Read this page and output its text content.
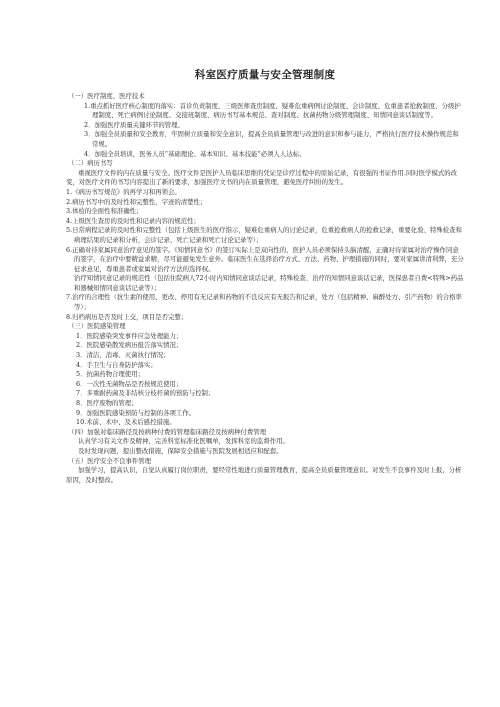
科室医疗质量与安全管理制度

（一）医疗制度、医疗技术

1.重点抓好医疗核心制度的落实：首诊负责制度、三级医师查房制度、疑难危重病例讨论制度、会诊制度、危重患者抢救制度、分级护理制度、死亡病例讨论制度、交接班制度、病历书写基本规范、查对制度、抗菌药物分级管理制度、知情同意谈话制度等。

2．加强医疗质量关键环节的管理。

3．加强全员质量和安全教育，牢固树立质量和安全意识，提高全员质量管理与改进的意识和参与能力，严格执行医疗技术操作规范和常规。

4．加强全员培训，医务人员“基础理论、基本知识、基本技能”必须人人达标。

（二）病历书写

重视医疗文件的内在质量与安全。医疗文件是医护人员临床思维的凭证是诊疗过程中的原始记录，有很强的书证作用.同时医学模式的改变，对医疗文件的书写内容提出了新的要求，加强医疗文书的内在质量管理，避免医疗纠纷的发生。

1.《病历书写规范》的再学习和再领会。

2.病历书写中的及时性和完整性，字迹的清楚性；

3.体检的全面性和准确性；

4.上级医生查房的及时性和记录内容的规范性；

5.日常病程记录的及时性和完整性（包括上级医生的医疗指示，疑难危重病人的讨论记录，危重抢救病人的抢救记录，重要化验、特殊检查和病理结果的记录和分析，会诊记录、死亡记录和死亡讨论记录等）；

6.正确对待家属同意治疗意见的签字。《知情同意书》的签订实际上是双向性的，医护人员必须保持头脑清醒，正确对待家属对治疗操作同意的签字，在治疗中要精益求精，尽可能避免发生意外。临床医生在选择治疗方式、方法、药物、护理措施的同时，要对家属讲清利弊，充分征求意见，尊重患者或家属对治疗方法的选择权。

治疗知情同意记录的规范性（包括住院病人72小时内知情同意谈话记录，特殊检查、治疗的知情同意谈话记录，医保患者自费<特殊>药品和器械知情同意谈话记录等）；

7.治疗的合理性（抗生素的使用、更改、停用有无记录和药物的不良反应有无报告和记录，处方（包括精神、麻醉处方、引产药物）的合格率等）；

8.归档病历是否及时上交，项目是否完整；

（三）医院感染管理

1．医院感染突发事件应急处理能力；

2．医院感染散发病历报告落实情况；

3．清洁、消毒、灭菌执行情况；

4．手卫生与自身防护落实；

5．抗菌药物合理使用；

6．一次性无菌物品是否按规范使用；

7．多重耐药菌及非结核分枝杆菌的预防与控制；

8．医疗废物的管理；

9．加强医院感染预防与控制的各项工作。

10.术前、术中、及术后感控措施。

（四）加强对临床路径及按病种付费的管理临床路径及按病种付费管理

认真学习有关文件及精神，完善科室标准化医嘱单，发挥科室的监督作用。

及时发现问题，提出整改措施，保障安全措施与医院发展相适应和配套。

（五）医疗安全不良事件管理

加强学习，提高认识，自觉认真履行岗位职责，要经常性地进行质量管理教育，提高全员质量管理意识。对发生不良事件及时上报，分析原因，及时整改。
